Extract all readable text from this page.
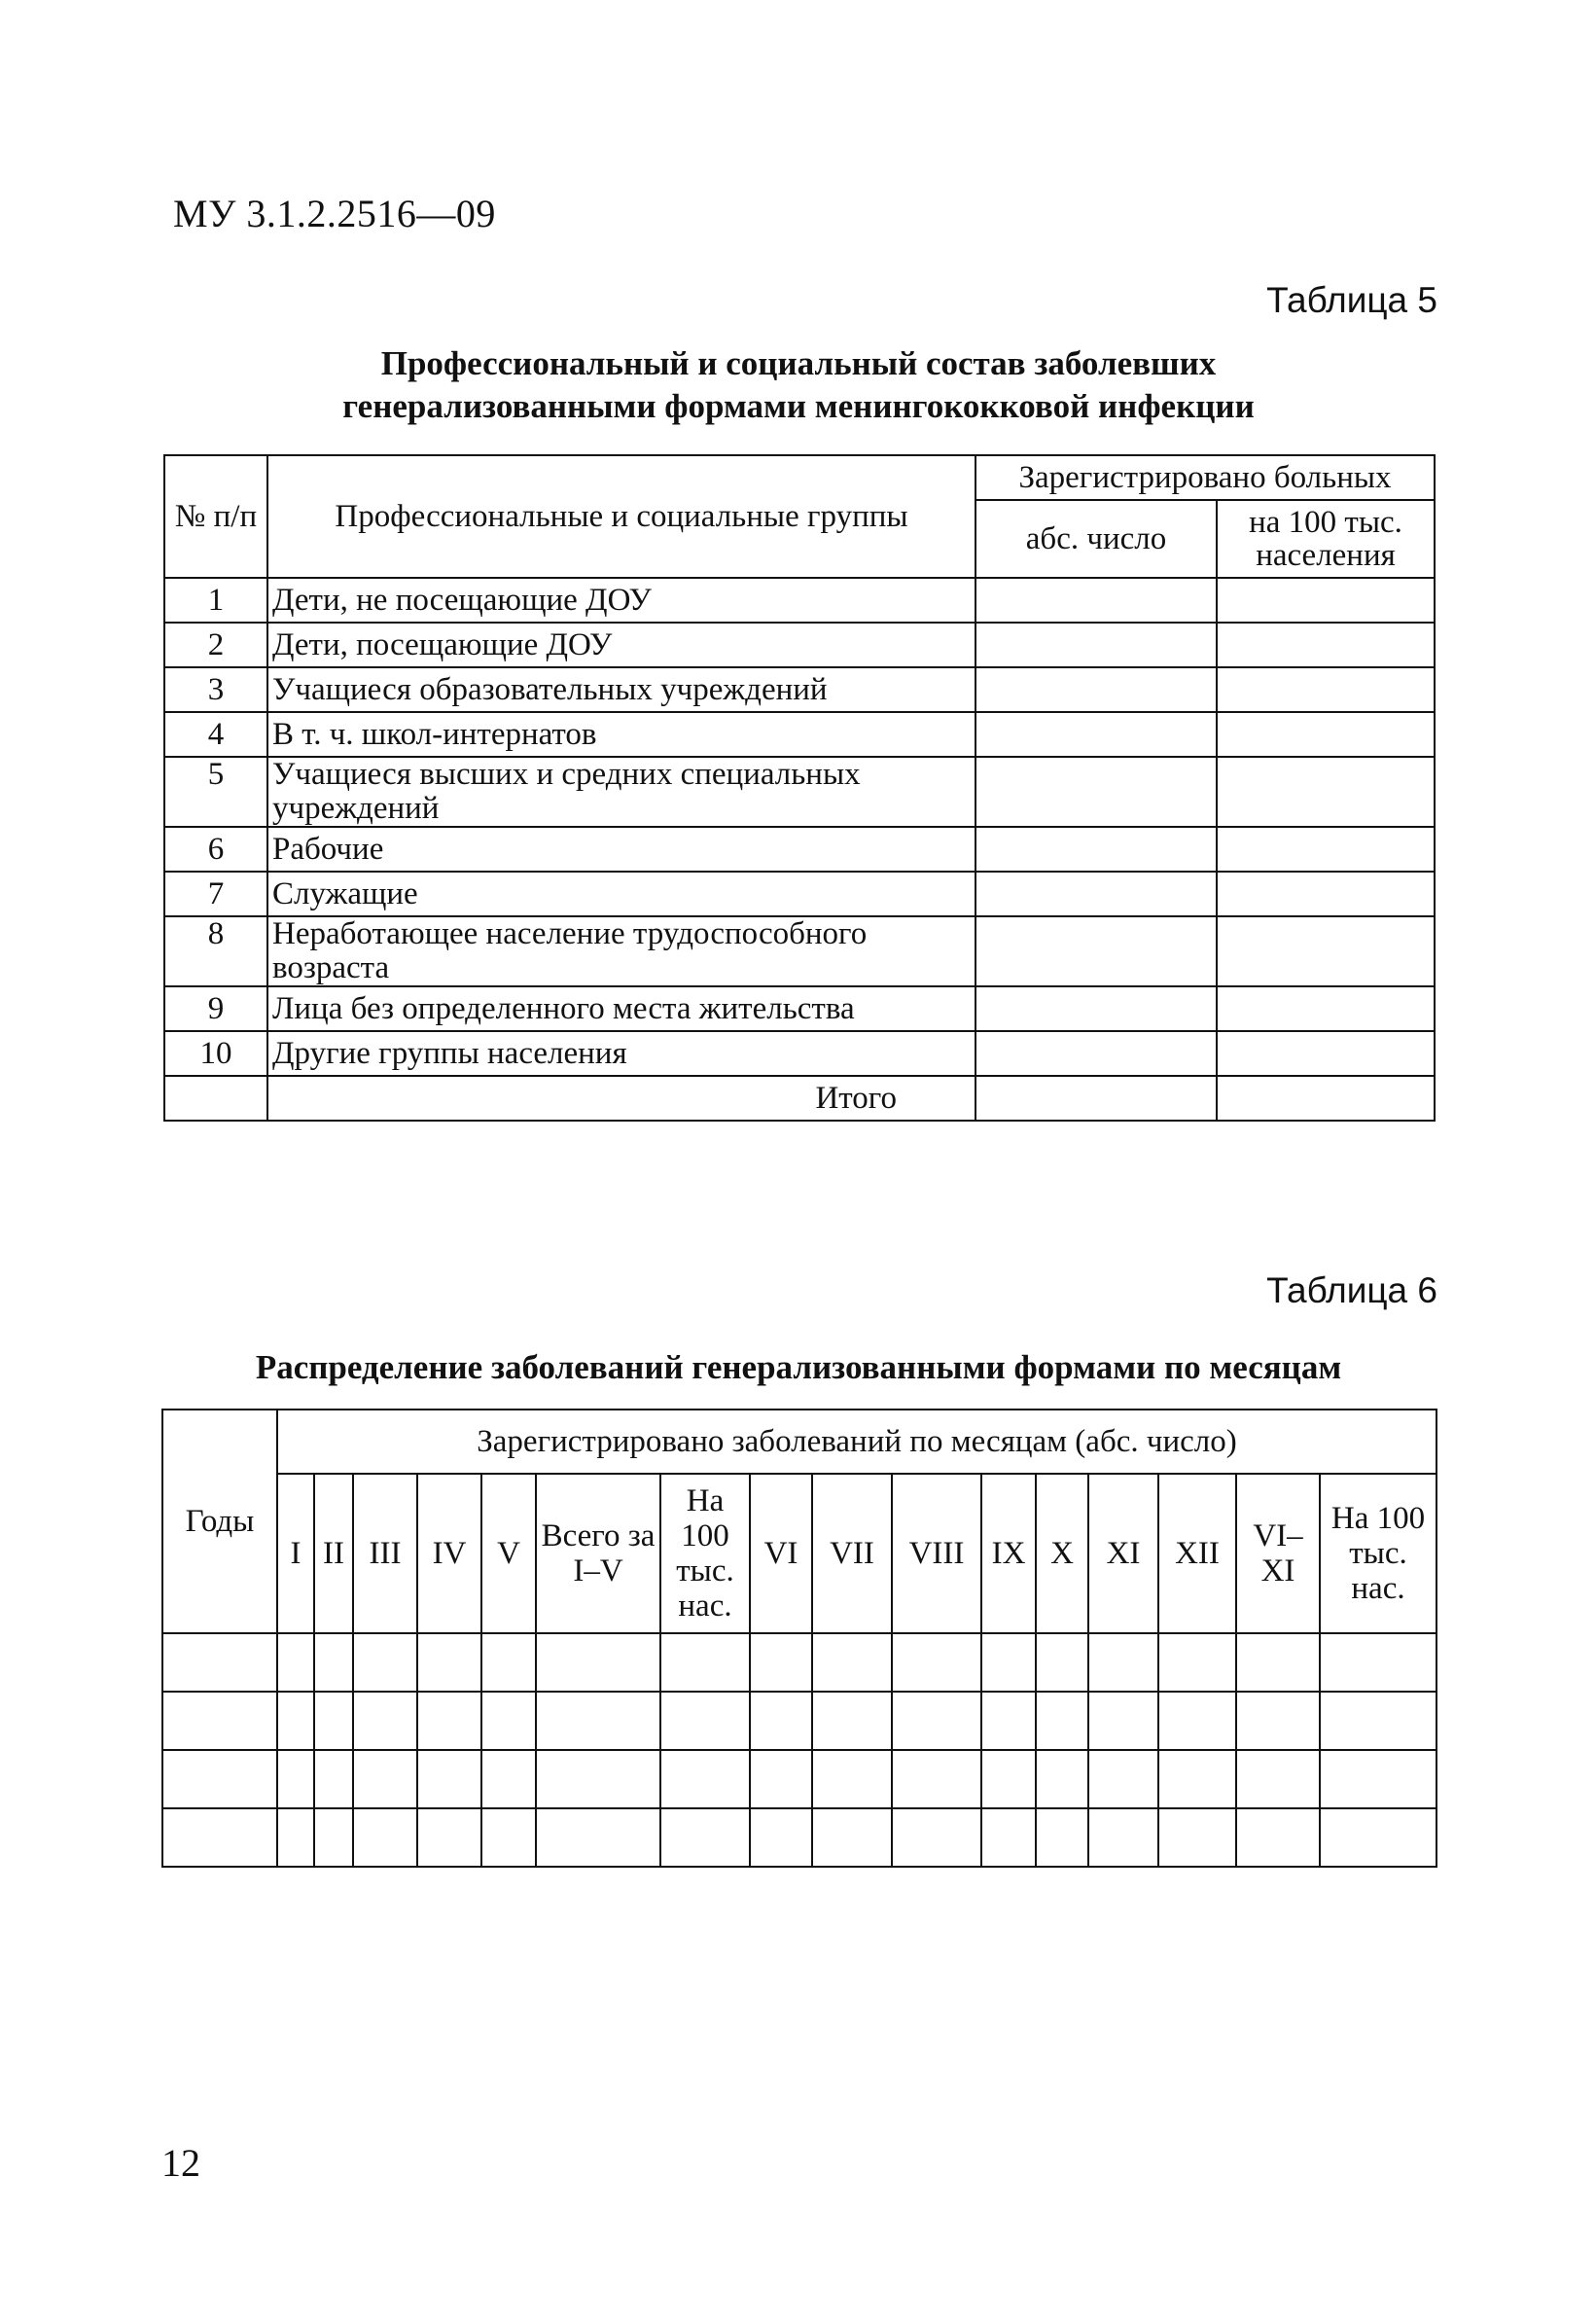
МУ 3.1.2.2516—09
Таблица 5
Профессиональный и социальный состав заболевших
генерализованными формами менингококковой инфекции
№ п/п	Профессиональные и социальные группы	Зарегистрировано больных	
		абс. число	на 100 тыс. населения
1	Дети, не посещающие ДОУ		
2	Дети, посещающие ДОУ		
3	Учащиеся образовательных учреждений		
4	В т. ч. школ-интернатов		
5	Учащиеся высших и средних специальных учреждений		
6	Рабочие		
7	Служащие		
8	Неработающее население трудоспособного возраста		
9	Лица без определенного места жительства		
10	Другие группы населения		
	Итого		
Таблица 6
Распределение заболеваний генерализованными формами по месяцам
Годы	Зарегистрировано заболеваний по месяцам (абс. число)															
	I	II	III	IV	V	Всего за I–V	На 100 тыс. нас.	VI	VII	VIII	IX	X	XI	XII	VI–XI	На 100 тыс. нас.

12
